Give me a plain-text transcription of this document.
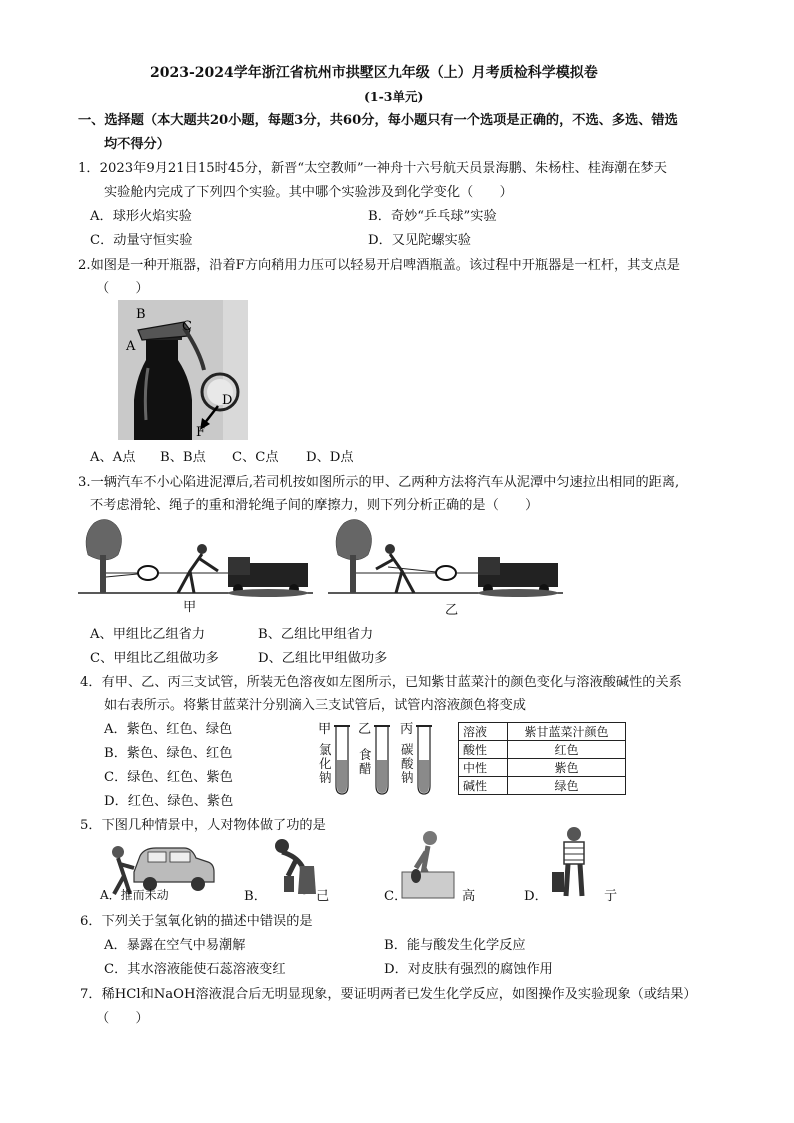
2023-2024学年浙江省杭州市拱墅区九年级（上）月考质检科学模拟卷
(1-3单元)
一、选择题（本大题共20小题，每题3分，共60分，每小题只有一个选项是正确的，不选、多选、错选
均不得分）
1．2023年9月21日15时45分，新晋“太空教师”一神舟十六号航天员景海鹏、朱杨柱、桂海潮在梦天
实验舱内完成了下列四个实验。其中哪个实验涉及到化学变化（　　）
A．球形火焰实验	B．奇妙“乒乓球”实验
C．动量守恒实验	D．又见陀螺实验
2.如图是一种开瓶器，沿着F方向稍用力压可以轻易开启啤酒瓶盖。该过程中开瓶器是一杠杆，其支点是
（　　）
B
C
A
D
F
A、A点 B、B点 C、C点 D、D点
3.一辆汽车不小心陷进泥潭后,若司机按如图所示的甲、乙两种方法将汽车从泥潭中匀速拉出相同的距离,
不考虑滑轮、绳子的重和滑轮绳子间的摩擦力，则下列分析正确的是（　　）
甲	乙
A、甲组比乙组省力	B、乙组比甲组省力
C、甲组比乙组做功多	D、乙组比甲组做功多
4．有甲、乙、丙三支试管，所装无色溶夜如左图所示，已知紫甘蓝菜汁的颜色变化与溶液酸碱性的关系
如右表所示。将紫甘蓝菜汁分别滴入三支试管后，试管内溶液颜色将变成
A．紫色、红色、绿色
B．紫色、绿色、红色
C．绿色、红色、紫色
D．红色、绿色、紫色
甲
氯化钠
乙
食醋
丙
碳酸钠
溶液	紫甘蓝菜汁颜色
酸性	红色
中性	紫色
碱性	绿色
5．下图几种情景中，人对物体做了功的是
A．推而未动	B．	己	C．	高	D．	亍
6．下列关于氢氧化钠的描述中错误的是
A．暴露在空气中易潮解	B．能与酸发生化学反应
C．其水溶液能使石蕊溶液变红	D．对皮肤有强烈的腐蚀作用
7．稀HCl和NaOH溶液混合后无明显现象，要证明两者已发生化学反应，如图操作及实验现象（或结果）
（　　）
